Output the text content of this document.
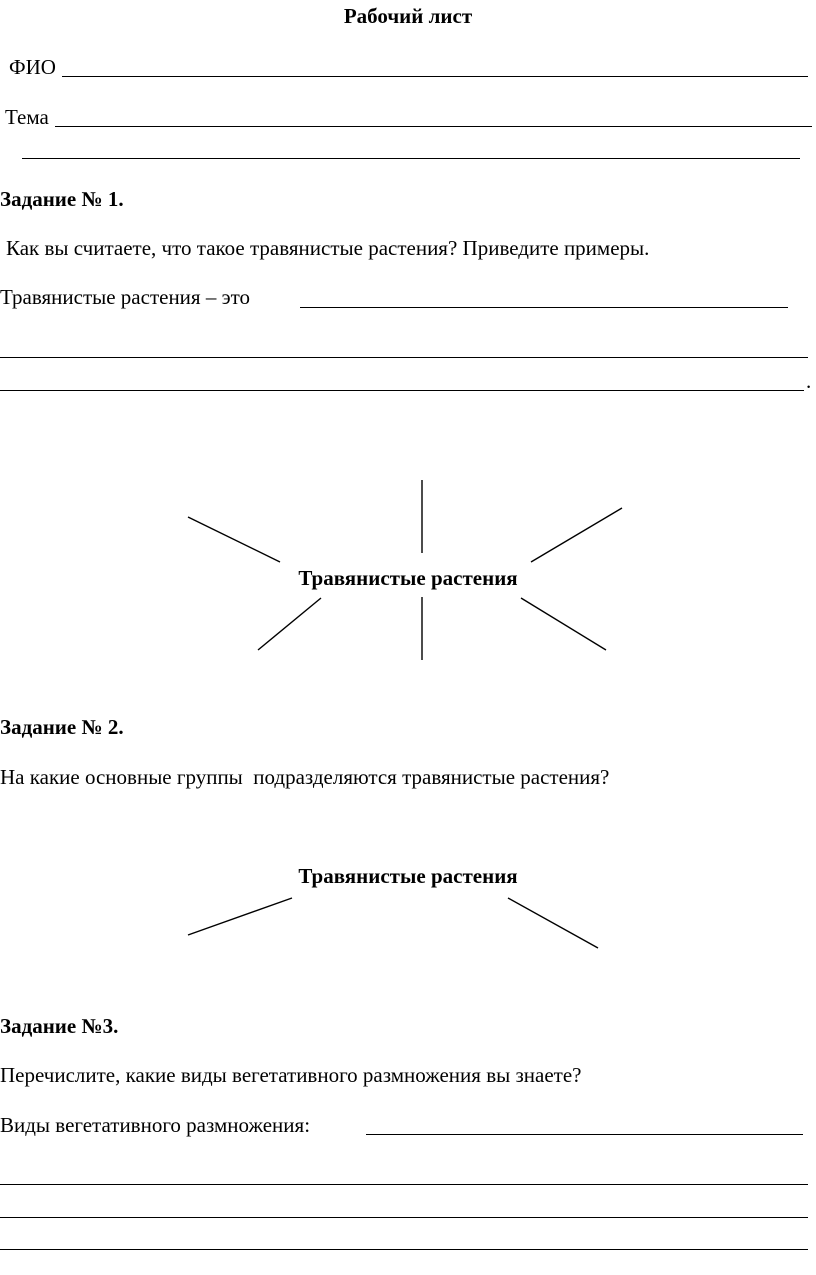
Рабочий лист
ФИО
Тема
Задание № 1.
Как вы считаете, что такое травянистые растения? Приведите примеры.
Травянистые растения – это
.
Травянистые растения
Задание № 2.
На какие основные группы  подразделяются травянистые растения?
Травянистые растения
Задание №3.
Перечислите, какие виды вегетативного размножения вы знаете?
Виды вегетативного размножения:
